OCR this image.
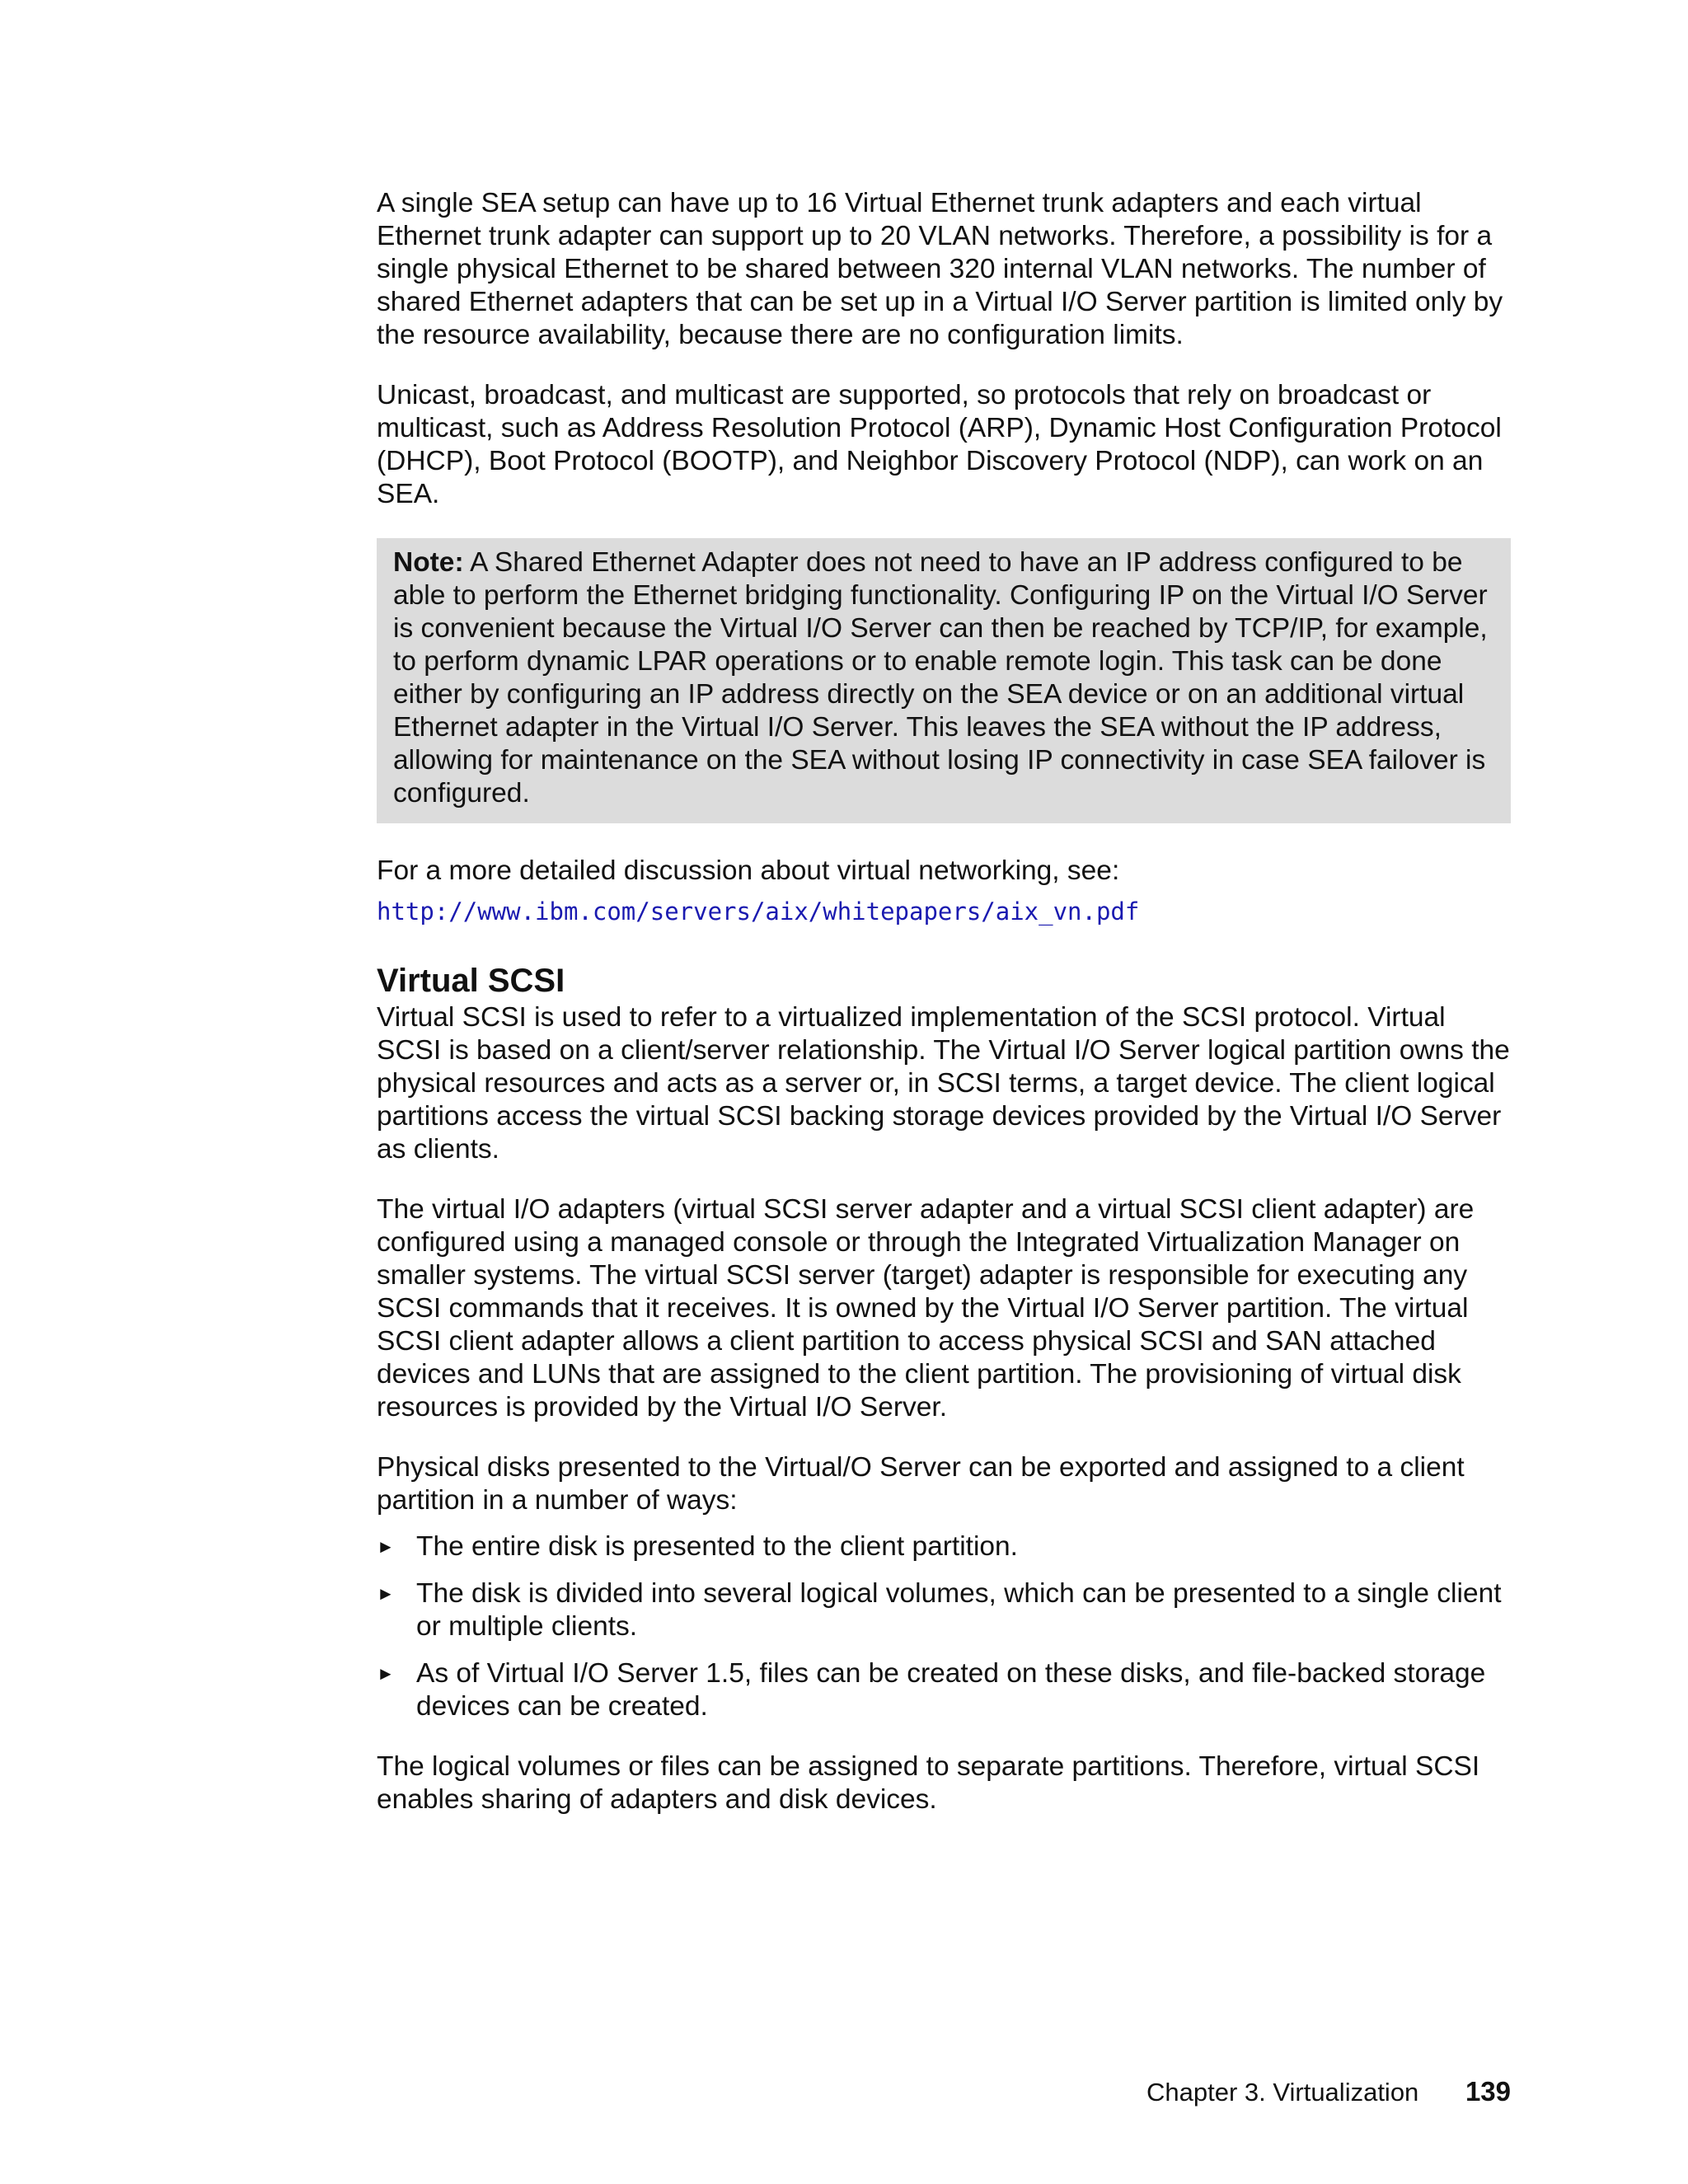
A single SEA setup can have up to 16 Virtual Ethernet trunk adapters and each virtual Ethernet trunk adapter can support up to 20 VLAN networks. Therefore, a possibility is for a single physical Ethernet to be shared between 320 internal VLAN networks. The number of shared Ethernet adapters that can be set up in a Virtual I/O Server partition is limited only by the resource availability, because there are no configuration limits.

Unicast, broadcast, and multicast are supported, so protocols that rely on broadcast or multicast, such as Address Resolution Protocol (ARP), Dynamic Host Configuration Protocol (DHCP), Boot Protocol (BOOTP), and Neighbor Discovery Protocol (NDP), can work on an SEA.

Note: A Shared Ethernet Adapter does not need to have an IP address configured to be able to perform the Ethernet bridging functionality. Configuring IP on the Virtual I/O Server is convenient because the Virtual I/O Server can then be reached by TCP/IP, for example, to perform dynamic LPAR operations or to enable remote login. This task can be done either by configuring an IP address directly on the SEA device or on an additional virtual Ethernet adapter in the Virtual I/O Server. This leaves the SEA without the IP address, allowing for maintenance on the SEA without losing IP connectivity in case SEA failover is configured.

For a more detailed discussion about virtual networking, see:

http://www.ibm.com/servers/aix/whitepapers/aix_vn.pdf
Virtual SCSI

Virtual SCSI is used to refer to a virtualized implementation of the SCSI protocol. Virtual SCSI is based on a client/server relationship. The Virtual I/O Server logical partition owns the physical resources and acts as a server or, in SCSI terms, a target device. The client logical partitions access the virtual SCSI backing storage devices provided by the Virtual I/O Server as clients.

The virtual I/O adapters (virtual SCSI server adapter and a virtual SCSI client adapter) are configured using a managed console or through the Integrated Virtualization Manager on smaller systems. The virtual SCSI server (target) adapter is responsible for executing any SCSI commands that it receives. It is owned by the Virtual I/O Server partition. The virtual SCSI client adapter allows a client partition to access physical SCSI and SAN attached devices and LUNs that are assigned to the client partition. The provisioning of virtual disk resources is provided by the Virtual I/O Server.

Physical disks presented to the Virtual/O Server can be exported and assigned to a client partition in a number of ways:

► The entire disk is presented to the client partition.
► The disk is divided into several logical volumes, which can be presented to a single client or multiple clients.
► As of Virtual I/O Server 1.5, files can be created on these disks, and file-backed storage devices can be created.

The logical volumes or files can be assigned to separate partitions. Therefore, virtual SCSI enables sharing of adapters and disk devices.

Chapter 3. Virtualization 139
